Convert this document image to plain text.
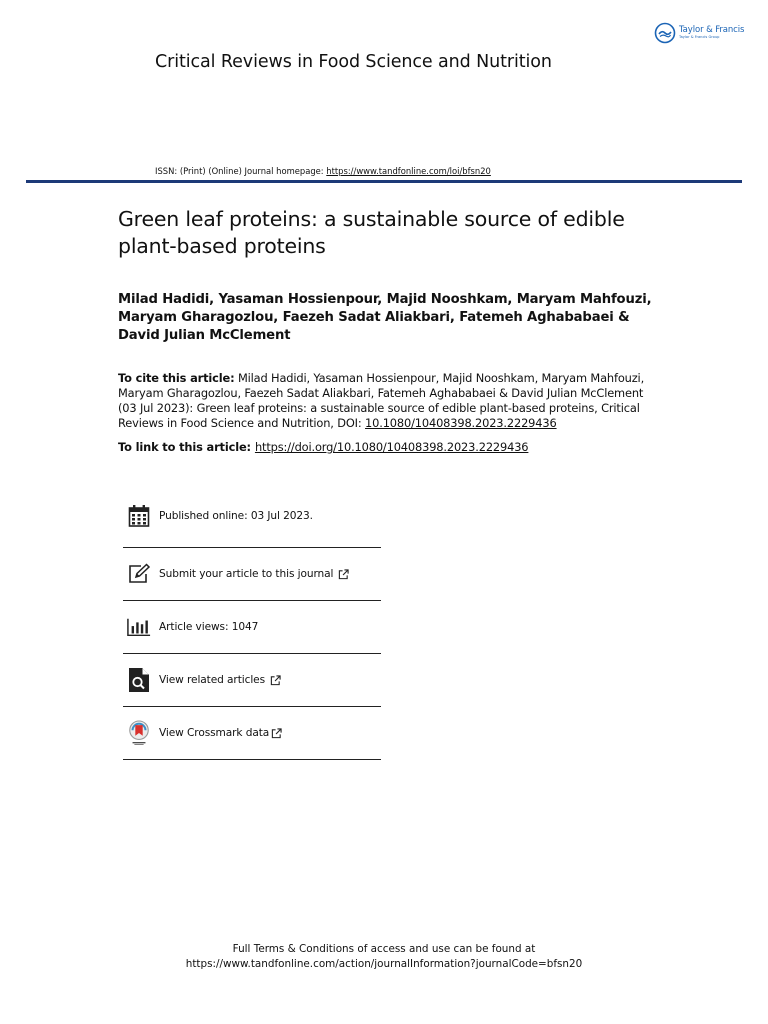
Taylor & Francis
Taylor & Francis Group
Critical Reviews in Food Science and Nutrition
ISSN: (Print) (Online) Journal homepage: https://www.tandfonline.com/loi/bfsn20
Green leaf proteins: a sustainable source of edible plant-based proteins
Milad Hadidi, Yasaman Hossienpour, Majid Nooshkam, Maryam Mahfouzi, Maryam Gharagozlou, Faezeh Sadat Aliakbari, Fatemeh Aghababaei & David Julian McClement
To cite this article: Milad Hadidi, Yasaman Hossienpour, Majid Nooshkam, Maryam Mahfouzi, Maryam Gharagozlou, Faezeh Sadat Aliakbari, Fatemeh Aghababaei & David Julian McClement (03 Jul 2023): Green leaf proteins: a sustainable source of edible plant-based proteins, Critical Reviews in Food Science and Nutrition, DOI: 10.1080/10408398.2023.2229436
To link to this article: https://doi.org/10.1080/10408398.2023.2229436
Published online: 03 Jul 2023.
Submit your article to this journal
Article views: 1047
View related articles
View Crossmark data
Full Terms & Conditions of access and use can be found at
https://www.tandfonline.com/action/journalInformation?journalCode=bfsn20
